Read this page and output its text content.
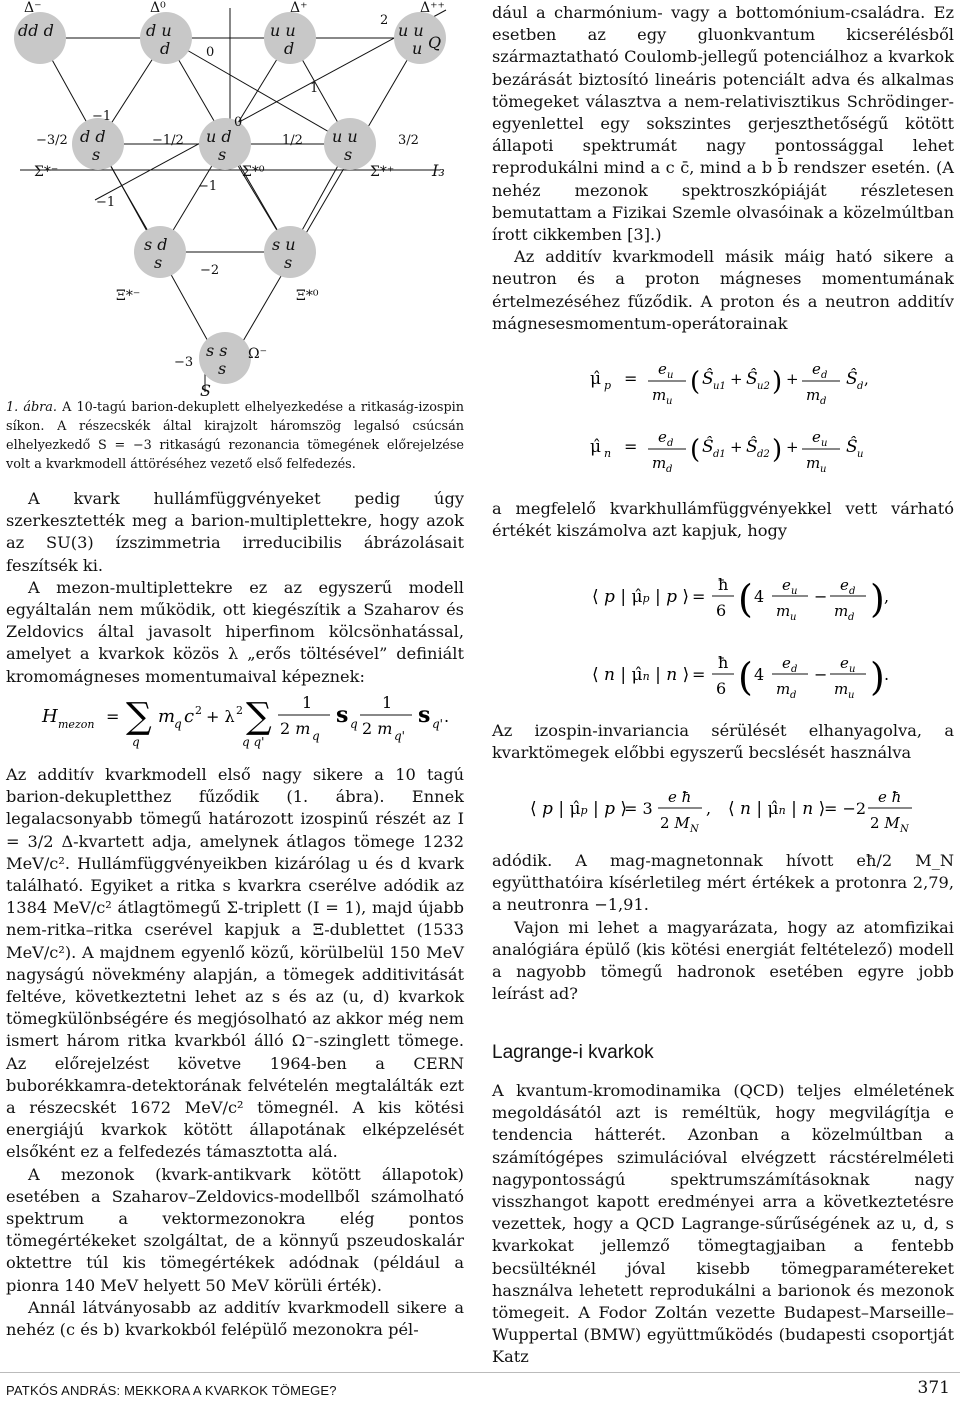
dd d	d u
d
u u
d
u u
u
d d
s
u d
s
u u
s
s d
s
s u
s
s s
s
Δ⁻	Δ⁰	Δ⁺	Δ⁺⁺
Σ*⁻	Σ*⁰	Σ*⁺
Ξ*⁻	Ξ*⁰
Ω⁻
−3/2	−1/2	1/2	3/2
2
1
0
−1
0
−1
−1
−2
−3
Q
I₃
S
1. ábra. A 10-tagú barion-dekuplett elhelyezkedése a ritkaság-izospin síkon. A részecskék által kirajzolt háromszög legalsó csúcsán elhelyezkedő S = −3 ritkaságú rezonancia tömegének előrejelzése volt a kvarkmodell áttöréséhez vezető első felfedezés.

A kvark hullámfüggvényeket pedig úgy szerkesztették meg a barion-multiplettekre, hogy azok az SU(3) ízszimmetria irreducibilis ábrázolásait feszítsék ki.

A mezon-multiplettekre ez az egyszerű modell egyáltalán nem működik, ott kiegészítik a Szaharov és Zeldovics által javasolt hiperfinom kölcsönhatással, amelyet a kvarkok közös λ „erős töltésével” definiált kromomágneses momentumaival képeznek:

H mezon = ∑
q
m
q c 2 + λ 2 ∑
q q'
1
2 m q
s q
1
2 m q'
s q' .

Az additív kvarkmodell első nagy sikere a 10 tagú barion-dekupletthez fűződik (1. ábra). Ennek legalacsonyabb tömegű határozott izospinű részét az I = 3/2 Δ-kvartett adja, amelynek átlagos tömege 1232 MeV/c². Hullámfüggvényeikben kizárólag u és d kvark található. Egyiket a ritka s kvarkra cserélve adódik az 1384 MeV/c² átlagtömegű Σ-triplett (I = 1), majd újabb nem-ritka–ritka cserével kapjuk a Ξ-dublettet (1533 MeV/c²). A majdnem egyenlő közű, körülbelül 150 MeV nagyságú növekmény alapján, a tömegek additivitását feltéve, következtetni lehet az s és az (u, d) kvarkok tömegkülönbségére és megjósolható az akkor még nem ismert három ritka kvarkból álló Ω⁻-szinglett tömege. Az előrejelzést követve 1964-ben a CERN buborékkamra-detektorának felvételén megtalálták ezt a részecskét 1672 MeV/c² tömegnél. A kis kötési energiájú kvarkok kötött állapotának elképzelését elsőként ez a felfedezés támasztotta alá.

A mezonok (kvark-antikvark kötött állapotok) esetében a Szaharov–Zeldovics-modellből számolható spektrum a vektormezonokra elég pontos tömegértékeket szolgáltat, de a könnyű pszeudoskalár oktettre túl kis tömegértékek adódnak (például a pionra 140 MeV helyett 50 MeV körüli érték).

Annál látványosabb az additív kvarkmodell sikere a nehéz (c és b) kvarkokból felépülő mezonokra pél-

dául a charmónium- vagy a bottomónium-családra. Ez esetben az egy gluonkvantum kicserélésből származtatható Coulomb-jellegű potenciálhoz a kvarkok bezárását biztosító lineáris potenciált adva és alkalmas tömegeket választva a nem-relativisztikus Schrödinger-egyenlettel egy sokszintes gerjeszthetőségű kötött állapoti spektrumát nagy pontossággal lehet reprodukálni mind a c c̄, mind a b b̄ rendszer esetén. (A nehéz mezonok spektroszkópiáját részletesen bemutattam a Fizikai Szemle olvasóinak a közelmúltban írott cikkemben [3].)

Az additív kvarkmodell másik máig ható sikere a neutron és a proton mágneses momentumának értelmezéséhez fűződik. A proton és a neutron additív mágnesesmomentum-operátorainak

μ̂ p = e u
m u
( Ŝ u1 + Ŝ u2 ) +
e d
m d
Ŝ d ,
μ̂ n = e d
m d
( Ŝ d1 + Ŝ d2 ) +
e u
m u
Ŝ u

a megfelelő kvarkhullámfüggvényekkel vett várható értékét kiszámolva azt kapjuk, hogy

⟨ p | μ̂p | p ⟩ =
ħ
6 ( 4
e u
m u
−
e d
m d ) ,
⟨ n | μ̂n | n ⟩ =
ħ
6 ( 4
e d
m d
−
e u
m u ) .

Az izospin-invariancia sérülését elhanyagolva, a kvarktömegek előbbi egyszerű becslését használva

⟨ p | μ̂p | p ⟩
= 3
e ħ
2 M N
, ⟨ n | μ̂n | n ⟩
= −2
e ħ
2 M N

adódik. A mag-magnetonnak hívott eħ/2 M_N együtthatóira kísérletileg mért értékek a protonra 2,79, a neutronra −1,91.

Vajon mi lehet a magyarázata, hogy az atomfizikai analógiára épülő (kis kötési energiát feltételező) modell a nagyobb tömegű hadronok esetében egyre jobb leírást ad?

Lagrange-i kvarkok

A kvantum-kromodinamika (QCD) teljes elméletének megoldásától azt is reméltük, hogy megvilágítja e tendencia hátterét. Azonban a közelmúltban a számítógépes szimulációval elvégzett rácstérelméleti nagypontosságú spektrumszámításoknak nagy visszhangot kapott eredményei arra a következtetésre vezettek, hogy a QCD Lagrange-sűrűségének az u, d, s kvarkokat jellemző tömegtagjaiban a fentebb becsültéknél jóval kisebb tömegparamétereket használva lehetett reprodukálni a barionok és mezonok tömegeit. A Fodor Zoltán vezette Budapest–Marseille–Wuppertal (BMW) együttműködés (budapesti csoportját Katz

PATKÓS ANDRÁS: MEKKORA A KVARKOK TÖMEGE?	371
